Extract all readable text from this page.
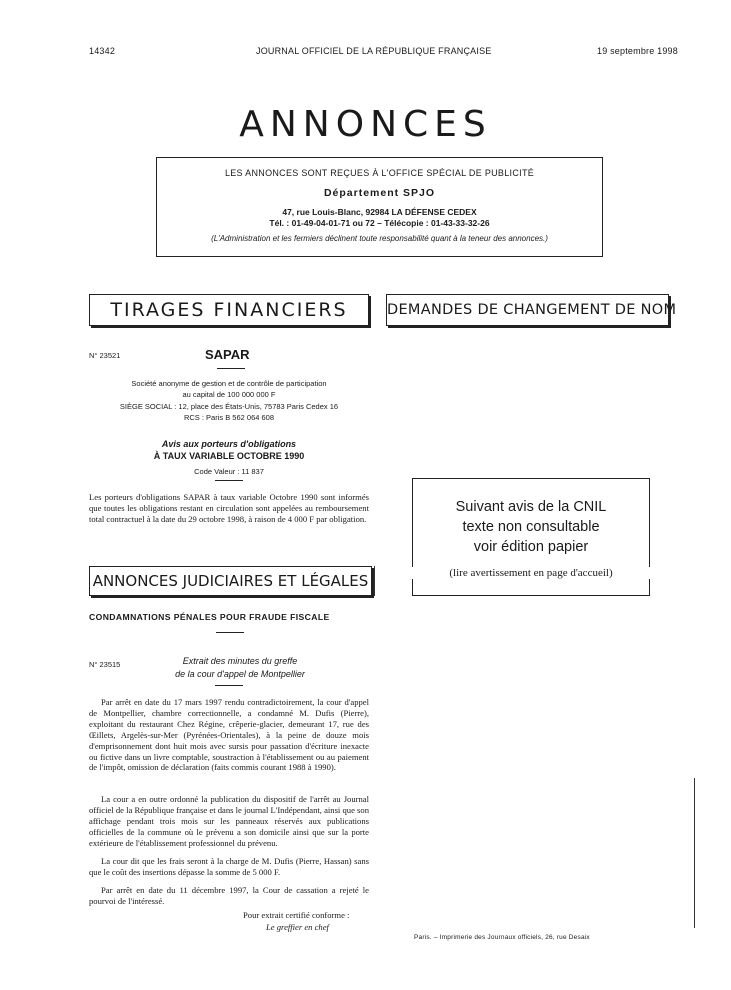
14342	JOURNAL OFFICIEL DE LA RÉPUBLIQUE FRANÇAISE	19 septembre 1998
ANNONCES
LES ANNONCES SONT REÇUES À L'OFFICE SPÉCIAL DE PUBLICITÉ
Département SPJO
47, rue Louis-Blanc, 92984 LA DÉFENSE CEDEX
Tél. : 01-49-04-01-71 ou 72 – Télécopie : 01-43-33-32-26
(L'Administration et les fermiers déclinent toute responsabilité quant à la teneur des annonces.)
TIRAGES FINANCIERS
N° 23521	SAPAR
Société anonyme de gestion et de contrôle de participation
au capital de 100 000 000 F
SIÈGE SOCIAL : 12, place des États-Unis, 75783 Paris Cedex 16
RCS : Paris B 562 064 608
Avis aux porteurs d'obligations
À TAUX VARIABLE OCTOBRE 1990
Code Valeur : 11 837
Les porteurs d'obligations SAPAR à taux variable Octobre 1990 sont informés que toutes les obligations restant en circulation sont appelées au remboursement total contractuel à la date du 29 octobre 1998, à raison de 4 000 F par obligation.
ANNONCES JUDICIAIRES ET LÉGALES
CONDAMNATIONS PÉNALES POUR FRAUDE FISCALE
N° 23515	Extrait des minutes du greffe
de la cour d'appel de Montpellier
Par arrêt en date du 17 mars 1997 rendu contradictoirement, la cour d'appel de Montpellier, chambre correctionnelle, a condamné M. Dufis (Pierre), exploitant du restaurant Chez Régine, crêperie-glacier, demeurant 17, rue des Œillets, Argelès-sur-Mer (Pyrénées-Orientales), à la peine de douze mois d'emprisonnement dont huit mois avec sursis pour passation d'écriture inexacte ou fictive dans un livre comptable, soustraction à l'établissement ou au paiement de l'impôt, omission de déclaration (faits commis courant 1988 à 1990).
La cour a en outre ordonné la publication du dispositif de l'arrêt au Journal officiel de la République française et dans le journal L'Indépendant, ainsi que son affichage pendant trois mois sur les panneaux réservés aux publications officielles de la commune où le prévenu a son domicile ainsi que sur la porte extérieure de l'établissement professionnel du prévenu.
La cour dit que les frais seront à la charge de M. Dufis (Pierre, Hassan) sans que le coût des insertions dépasse la somme de 5 000 F.
Par arrêt en date du 11 décembre 1997, la Cour de cassation a rejeté le pourvoi de l'intéressé.
Pour extrait certifié conforme :
Le greffier en chef
DEMANDES DE CHANGEMENT DE NOM
Suivant avis de la CNIL
texte non consultable
voir édition papier
(lire avertissement en page d'accueil)
Paris. – Imprimerie des Journaux officiels, 26, rue Desaix
